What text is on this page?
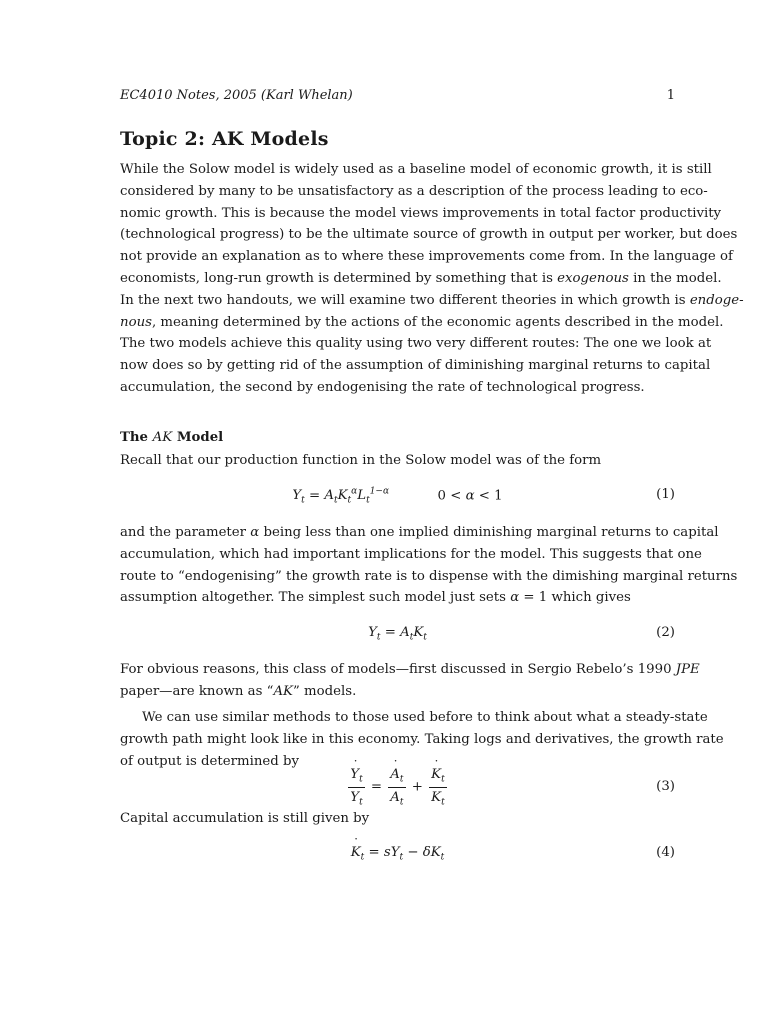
EC4010 Notes, 2005 (Karl Whelan)	1
Topic 2: AK Models
While the Solow model is widely used as a baseline model of economic growth, it is still
considered by many to be unsatisfactory as a description of the process leading to eco-
nomic growth. This is because the model views improvements in total factor productivity
(technological progress) to be the ultimate source of growth in output per worker, but does
not provide an explanation as to where these improvements come from. In the language of
economists, long-run growth is determined by something that is exogenous in the model.
In the next two handouts, we will examine two different theories in which growth is endoge-
nous, meaning determined by the actions of the economic agents described in the model.
The two models achieve this quality using two very different routes: The one we look at
now does so by getting rid of the assumption of diminishing marginal returns to capital
accumulation, the second by endogenising the rate of technological progress.
The AK Model
Recall that our production function in the Solow model was of the form
$Y_t = A_tK_t^\alpha L_t^{1-\alpha}$	0 < α < 1	(1)
and the parameter α being less than one implied diminishing marginal returns to capital
accumulation, which had important implications for the model. This suggests that one
route to “endogenising” the growth rate is to dispense with the dimishing marginal returns
assumption altogether. The simplest such model just sets α = 1 which gives
$Y_t = A_tK_t$	(2)
For obvious reasons, this class of models—first discussed in Sergio Rebelo’s 1990 JPE
paper—are known as “AK” models.
We can use similar methods to those used before to think about what a steady-state
growth path might look like in this economy. Taking logs and derivatives, the growth rate
of output is determined by
$\frac{Y ˙_t}{Y_t} = \frac{A ˙_t}{A_t} + \frac{K ˙_t}{K_t}$	(3)
Capital accumulation is still given by
K $˙_t = sY_t - \delta K_t$	(4)
